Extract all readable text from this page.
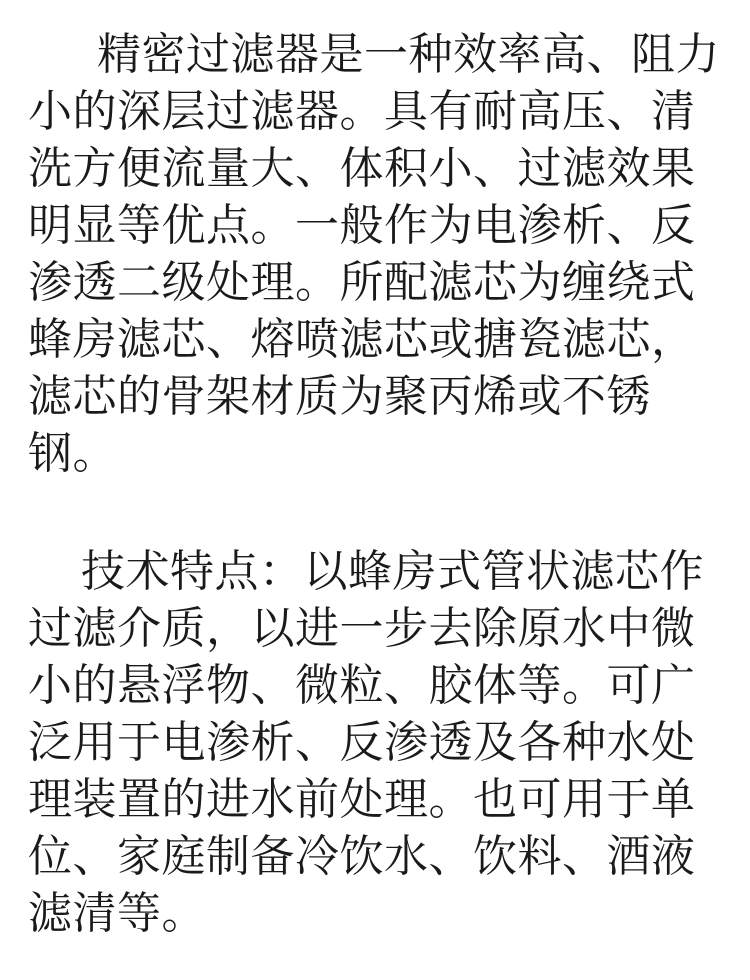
精密过滤器是一种效率高、阻力
小的深层过滤器。具有耐高压、清
洗方便流量大、体积小、过滤效果
明显等优点。一般作为电渗析、反
渗透二级处理。所配滤芯为缠绕式
蜂房滤芯、熔喷滤芯或搪瓷滤芯，
滤芯的骨架材质为聚丙烯或不锈
钢。
技术特点：以蜂房式管状滤芯作
过滤介质，以进一步去除原水中微
小的悬浮物、微粒、胶体等。可广
泛用于电渗析、反渗透及各种水处
理装置的进水前处理。也可用于单
位、家庭制备冷饮水、饮料、酒液
滤清等。
